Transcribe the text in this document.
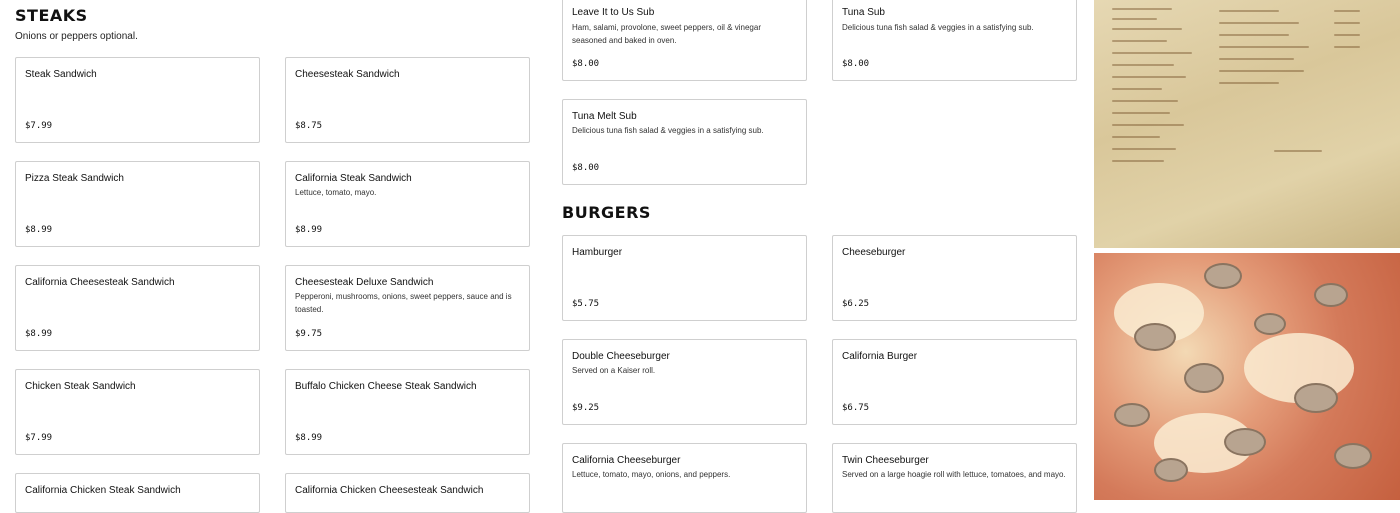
STEAKS

Onions or peppers optional.

Steak Sandwich
$7.99
Cheesesteak Sandwich
$8.75
Pizza Steak Sandwich
$8.99
California Steak Sandwich
Lettuce, tomato, mayo.
$8.99
California Cheesesteak Sandwich
$8.99
Cheesesteak Deluxe Sandwich
Pepperoni, mushrooms, onions, sweet peppers, sauce and is toasted.
$9.75
Chicken Steak Sandwich
$7.99
Buffalo Chicken Cheese Steak Sandwich
$8.99
California Chicken Steak Sandwich	California Chicken Cheesesteak Sandwich
Leave It to Us Sub
Ham, salami, provolone, sweet peppers, oil & vinegar seasoned and baked in oven.
$8.00
Tuna Sub
Delicious tuna fish salad & veggies in a satisfying sub.
$8.00
Tuna Melt Sub
Delicious tuna fish salad & veggies in a satisfying sub.
$8.00
BURGERS
Hamburger
$5.75
Cheeseburger
$6.25
Double Cheeseburger
Served on a Kaiser roll.
$9.25
California Burger
$6.75
California Cheeseburger
Lettuce, tomato, mayo, onions, and peppers.
Twin Cheeseburger
Served on a large hoagie roll with lettuce, tomatoes, and mayo.
